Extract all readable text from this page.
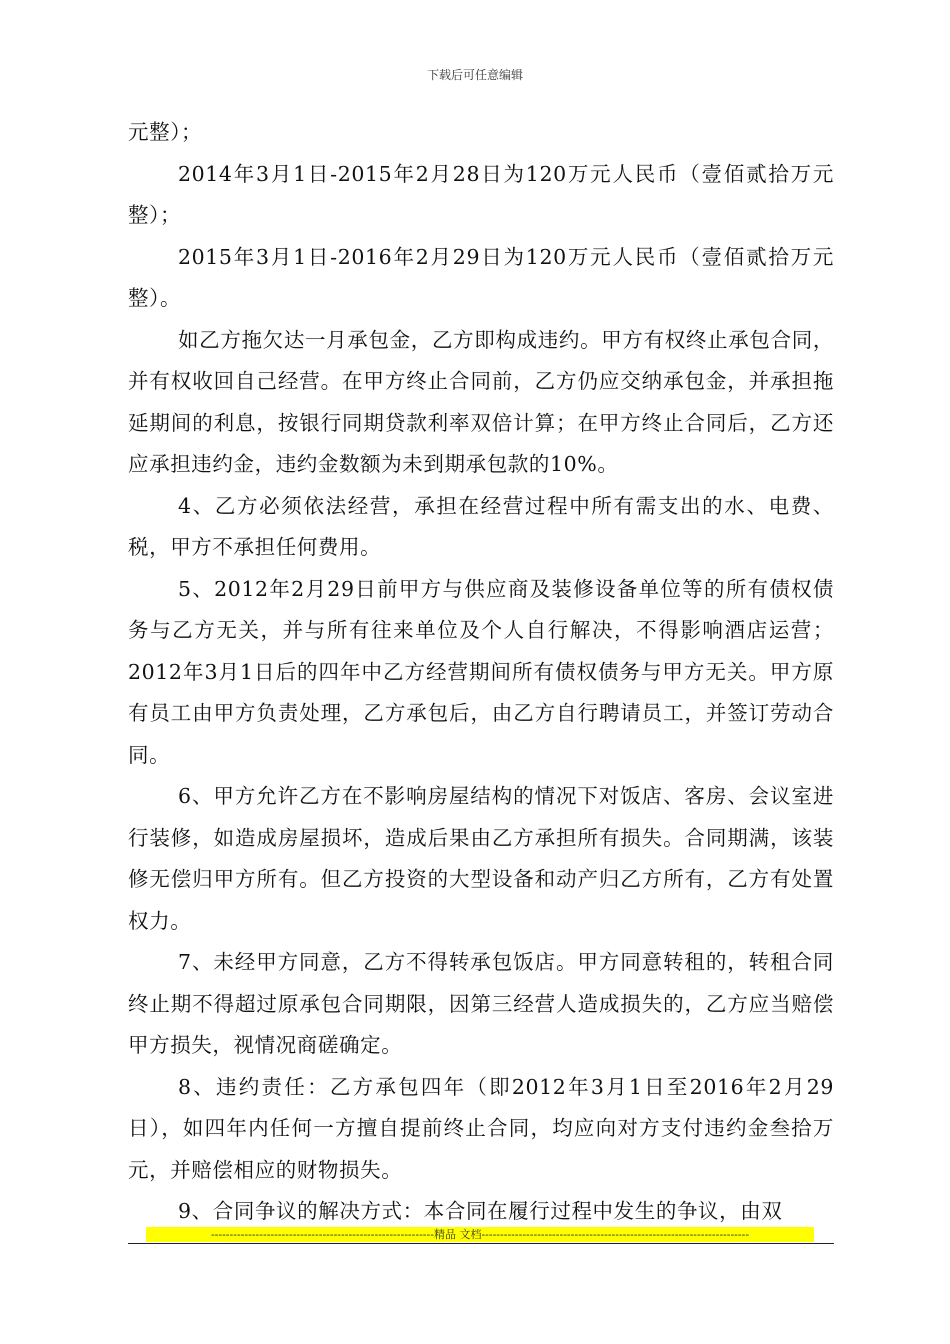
下载后可任意编辑

元整）；

2014年3月1日-2015年2月28日为120万元人民币（壹佰贰拾万元整）；

2015年3月1日-2016年2月29日为120万元人民币（壹佰贰拾万元整）。

如乙方拖欠达一月承包金，乙方即构成违约。甲方有权终止承包合同，并有权收回自己经营。在甲方终止合同前，乙方仍应交纳承包金，并承担拖延期间的利息，按银行同期贷款利率双倍计算；在甲方终止合同后，乙方还应承担违约金，违约金数额为未到期承包款的10%。

4、乙方必须依法经营，承担在经营过程中所有需支出的水、电费、税，甲方不承担任何费用。

5、2012年2月29日前甲方与供应商及装修设备单位等的所有债权债务与乙方无关，并与所有往来单位及个人自行解决，不得影响酒店运营；2012年3月1日后的四年中乙方经营期间所有债权债务与甲方无关。甲方原有员工由甲方负责处理，乙方承包后，由乙方自行聘请员工，并签订劳动合同。

6、甲方允许乙方在不影响房屋结构的情况下对饭店、客房、会议室进行装修，如造成房屋损坏，造成后果由乙方承担所有损失。合同期满，该装修无偿归甲方所有。但乙方投资的大型设备和动产归乙方所有，乙方有处置权力。

7、未经甲方同意，乙方不得转承包饭店。甲方同意转租的，转租合同终止期不得超过原承包合同期限，因第三经营人造成损失的，乙方应当赔偿甲方损失，视情况商磋确定。

8、违约责任：乙方承包四年（即2012年3月1日至2016年2月29日），如四年内任何一方擅自提前终止合同，均应向对方支付违约金叁拾万元，并赔偿相应的财物损失。

9、合同争议的解决方式：本合同在履行过程中发生的争议，由双

------------------------------------------------------------精品 文档------------------------------------------------------------------------
